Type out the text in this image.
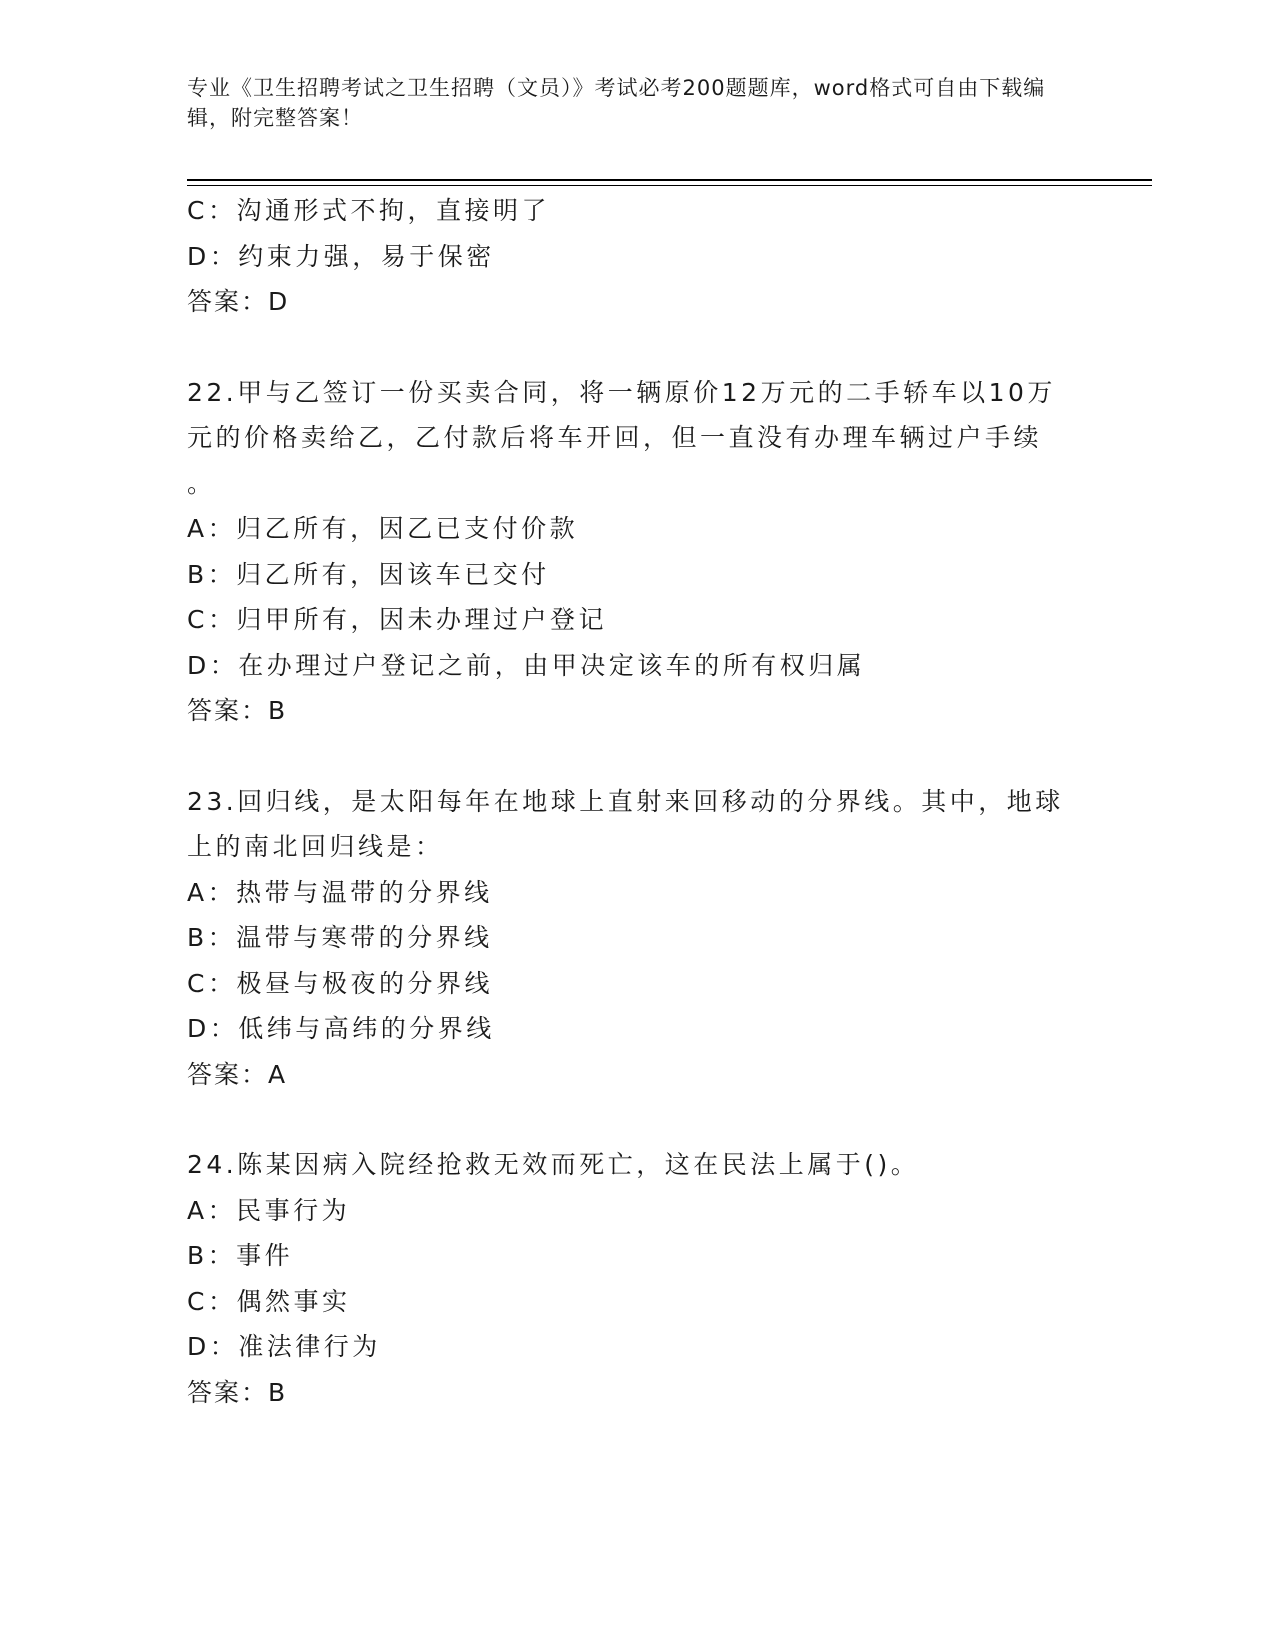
专业《卫生招聘考试之卫生招聘（文员）》考试必考200题题库，word格式可自由下载编辑，附完整答案！
C：沟通形式不拘，直接明了
D：约束力强，易于保密
答案：D
22.甲与乙签订一份买卖合同，将一辆原价12万元的二手轿车以10万
元的价格卖给乙，乙付款后将车开回，但一直没有办理车辆过户手续
。
A：归乙所有，因乙已支付价款
B：归乙所有，因该车已交付
C：归甲所有，因未办理过户登记
D：在办理过户登记之前，由甲决定该车的所有权归属
答案：B
23.回归线，是太阳每年在地球上直射来回移动的分界线。其中，地球
上的南北回归线是：
A：热带与温带的分界线
B：温带与寒带的分界线
C：极昼与极夜的分界线
D：低纬与高纬的分界线
答案：A
24.陈某因病入院经抢救无效而死亡，这在民法上属于()。
A：民事行为
B：事件
C：偶然事实
D：准法律行为
答案：B
